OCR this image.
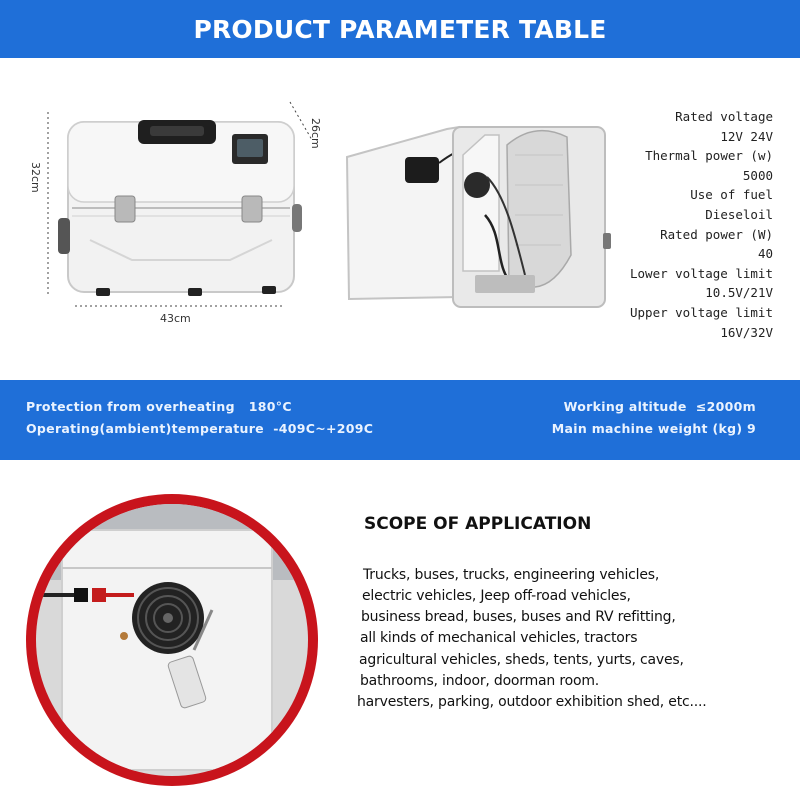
PRODUCT PARAMETER TABLE
32cm
26cm
43cm
Rated voltage
12V 24V
Thermal power (w)
5000
Use of fuel
Dieseloil
Rated power (W)
40
Lower voltage limit
10.5V/21V
Upper voltage limit
16V/32V
Protection from overheating   180°C
Operating(ambient)temperature  -409C~+209C
Working altitude  ≤2000m
Main machine weight (kg) 9
SCOPE OF APPLICATION
Trucks, buses, trucks, engineering vehicles,
electric vehicles, Jeep off-road vehicles,
business bread, buses, buses and RV refitting,
all kinds of mechanical vehicles, tractors
agricultural vehicles, sheds, tents, yurts, caves,
bathrooms, indoor, doorman room.
harvesters, parking, outdoor exhibition shed, etc....
